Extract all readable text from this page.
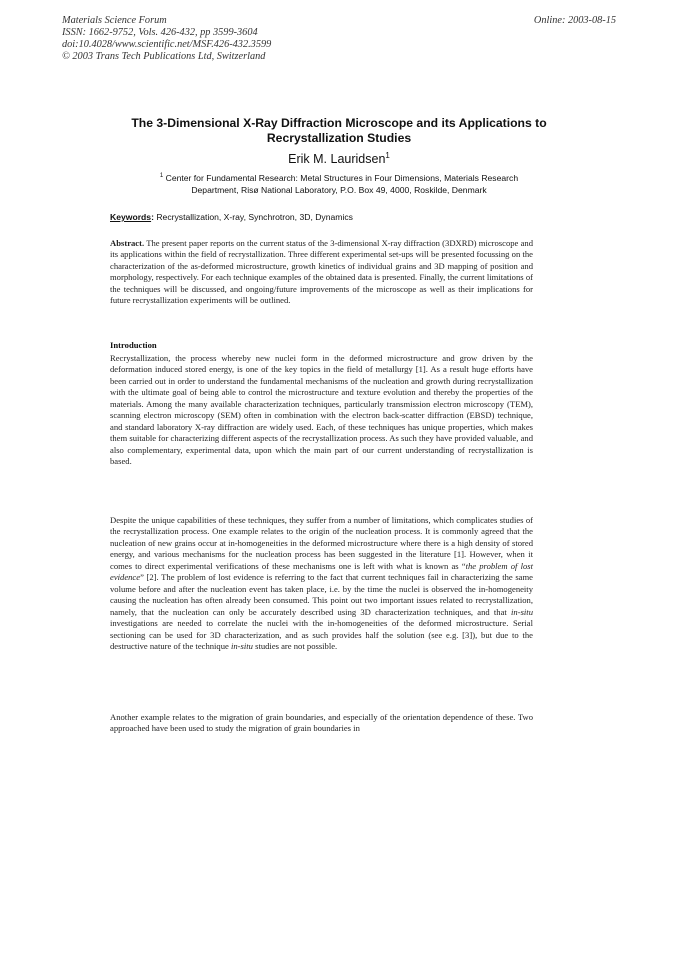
Materials Science Forum
ISSN: 1662-9752, Vols. 426-432, pp 3599-3604
doi:10.4028/www.scientific.net/MSF.426-432.3599
© 2003 Trans Tech Publications Ltd, Switzerland
Online: 2003-08-15
The 3-Dimensional X-Ray Diffraction Microscope and its Applications to
Recrystallization Studies
Erik M. Lauridsen$^1$
$^1$ Center for Fundamental Research: Metal Structures in Four Dimensions, Materials Research
Department, Risø National Laboratory, P.O. Box 49, 4000, Roskilde, Denmark
Keywords: Recrystallization, X-ray, Synchrotron, 3D, Dynamics
Abstract. The present paper reports on the current status of the 3-dimensional X-ray diffraction (3DXRD) microscope and its applications within the field of recrystallization. Three different experimental set-ups will be presented focussing on the characterization of the as-deformed microstructure, growth kinetics of individual grains and 3D mapping of position and morphology, respectively. For each technique examples of the obtained data is presented. Finally, the current limitations of the techniques will be discussed, and ongoing/future improvements of the microscope as well as their implications for future recrystallization experiments will be outlined.
Introduction
Recrystallization, the process whereby new nuclei form in the deformed microstructure and grow driven by the deformation induced stored energy, is one of the key topics in the field of metallurgy [1]. As a result huge efforts have been carried out in order to understand the fundamental mechanisms of the nucleation and growth during recrystallization with the ultimate goal of being able to control the microstructure and texture evolution and thereby the properties of the materials. Among the many available characterization techniques, particularly transmission electron microscopy (TEM), scanning electron microscopy (SEM) often in combination with the electron back-scatter diffraction (EBSD) technique, and standard laboratory X-ray diffraction are widely used. Each, of these techniques has unique properties, which makes them suitable for characterizing different aspects of the recrystallization process. As such they have provided valuable, and also complementary, experimental data, upon which the main part of our current understanding of recrystallization is based.
Despite the unique capabilities of these techniques, they suffer from a number of limitations, which complicates studies of the recrystallization process. One example relates to the origin of the nucleation process. It is commonly agreed that the nucleation of new grains occur at in-homogeneities in the deformed microstructure where there is a high density of stored energy, and various mechanisms for the nucleation process has been suggested in the literature [1]. However, when it comes to direct experimental verifications of these mechanisms one is left with what is known as “the problem of lost evidence” [2]. The problem of lost evidence is referring to the fact that current techniques fail in characterizing the same volume before and after the nucleation event has taken place, i.e. by the time the nuclei is observed the in-homogeneity causing the nucleation has often already been consumed. This point out two important issues related to recrystallization, namely, that the nucleation can only be accurately described using 3D characterization techniques, and that in-situ investigations are needed to correlate the nuclei with the in-homogeneities of the deformed microstructure. Serial sectioning can be used for 3D characterization, and as such provides half the solution (see e.g. [3]), but due to the destructive nature of the technique in-situ studies are not possible.
Another example relates to the migration of grain boundaries, and especially of the orientation dependence of these. Two approached have been used to study the migration of grain boundaries in
